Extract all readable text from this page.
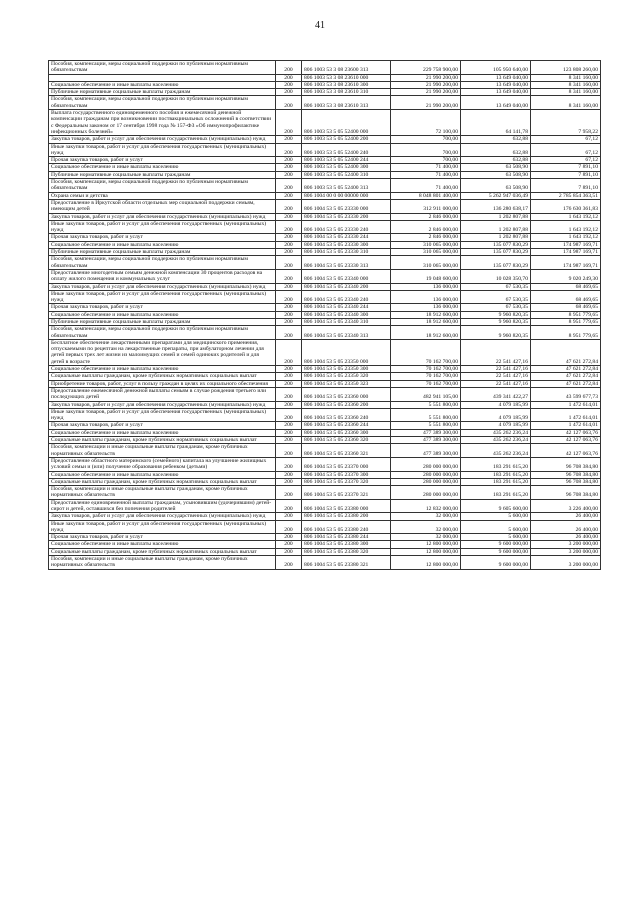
41
Пособия, компенсации, меры социальной поддержки по публичным нормативным обязательствам	200	806 1003 53 3 08 23600 313	229 758 900,00	105 950 640,00	123 808 260,00
	200	806 1003 53 3 08 23610 000	21 990 200,00	13 649 040,00	8 341 160,00
Социальное обеспечение и иные выплаты населению	200	806 1003 53 3 08 23610 300	21 990 200,00	13 649 040,00	8 341 160,00
Публичные нормативные социальные выплаты гражданам	200	806 1003 53 3 08 23610 310	21 990 200,00	13 649 040,00	8 341 160,00
Пособия, компенсации, меры социальной поддержки по публичным нормативным обязательствам	200	806 1003 53 3 08 23610 313	21 990 200,00	13 649 040,00	8 341 160,00
Выплата государственного единовременного пособия и ежемесячной денежной компенсации гражданам при возникновении поствакцинальных осложнений в соответствии с Федеральным законом от 17 сентября 1998 года № 157-ФЗ «Об иммунопрофилактике инфекционных болезней»	200	806 1003 53 5 05 52400 000	72 100,00	64 141,78	7 958,22
Закупка товаров, работ и услуг для обеспечения государственных (муниципальных) нужд	200	806 1003 53 5 05 52400 200	700,00	632,88	67,12
Иные закупки товаров, работ и услуг для обеспечения государственных (муниципальных) нужд	200	806 1003 53 5 05 52400 240	700,00	632,88	67,12
Прочая закупка товаров, работ и услуг	200	806 1003 53 5 05 52400 244	700,00	632,88	67,12
Социальное обеспечение и иные выплаты населению	200	806 1003 53 5 05 52400 300	71 400,00	63 508,90	7 891,10
Публичные нормативные социальные выплаты гражданам	200	806 1003 53 5 05 52400 310	71 400,00	63 508,90	7 891,10
Пособия, компенсации, меры социальной поддержки по публичным нормативным обязательствам	200	806 1003 53 5 05 52400 313	71 400,00	63 508,90	7 891,10
Охрана семьи и детства	200	806 1004 00 0 00 00000 000	8 048 801 400,00	5 262 947 036,49	2 785 854 363,51
Предоставление в Иркутской области отдельных мер социальной поддержки семьям, имеющим детей	200	806 1004 53 5 05 23330 000	312 911 000,00	136 280 638,17	176 630 361,83
Закупка товаров, работ и услуг для обеспечения государственных (муниципальных) нужд	200	806 1004 53 5 05 23330 200	2 846 000,00	1 202 807,88	1 643 192,12
Иные закупки товаров, работ и услуг для обеспечения государственных (муниципальных) нужд	200	806 1004 53 5 05 23330 240	2 846 000,00	1 202 807,88	1 643 192,12
Прочая закупка товаров, работ и услуг	200	806 1004 53 5 05 23330 244	2 846 000,00	1 202 807,88	1 643 192,12
Социальное обеспечение и иные выплаты населению	200	806 1004 53 5 05 23330 300	310 065 000,00	135 077 830,29	174 987 169,71
Публичные нормативные социальные выплаты гражданам	200	806 1004 53 5 05 23330 310	310 065 000,00	135 077 830,29	174 987 169,71
Пособия, компенсации, меры социальной поддержки по публичным нормативным обязательствам	200	806 1004 53 5 05 23330 313	310 065 000,00	135 077 830,29	174 987 169,71
Предоставление многодетным семьям денежной компенсации 30 процентов расходов на оплату жилого помещения и коммунальных услуг	200	806 1004 53 5 05 23340 000	19 048 600,00	10 028 350,70	9 020 249,30
Закупка товаров, работ и услуг для обеспечения государственных (муниципальных) нужд	200	806 1004 53 5 05 23340 200	136 000,00	67 530,35	68 469,65
Иные закупки товаров, работ и услуг для обеспечения государственных (муниципальных) нужд	200	806 1004 53 5 05 23340 240	136 000,00	67 530,35	68 469,65
Прочая закупка товаров, работ и услуг	200	806 1004 53 5 05 23340 244	136 000,00	67 530,35	68 469,65
Социальное обеспечение и иные выплаты населению	200	806 1004 53 5 05 23340 300	18 912 600,00	9 960 820,35	8 951 779,65
Публичные нормативные социальные выплаты гражданам	200	806 1004 53 5 05 23340 310	18 912 600,00	9 960 820,35	8 951 779,65
Пособия, компенсации, меры социальной поддержки по публичным нормативным обязательствам	200	806 1004 53 5 05 23340 313	18 912 600,00	9 960 820,35	8 951 779,65
Бесплатное обеспечение лекарственными препаратами для медицинского применения, отпускаемыми по рецептам на лекарственные препараты, при амбулаторном лечении для детей первых трех лет жизни из малоимущих семей и семей одиноких родителей и для детей в возрасте	200	806 1004 53 5 05 23350 000	70 162 700,00	22 541 427,16	47 621 272,84
Социальное обеспечение и иные выплаты населению	200	806 1004 53 5 05 23350 300	70 162 700,00	22 541 427,16	47 621 272,84
Социальные выплаты гражданам, кроме публичных нормативных социальных выплат	200	806 1004 53 5 05 23350 320	70 162 700,00	22 541 427,16	47 621 272,84
Приобретение товаров, работ, услуг в пользу граждан в целях их социального обеспечения	200	806 1004 53 5 05 23350 323	70 162 700,00	22 541 427,16	47 621 272,84
Предоставление ежемесячной денежной выплаты семьям в случае рождения третьего или последующих детей	200	806 1004 53 5 05 23360 000	482 941 105,00	439 341 422,27	43 599 677,73
Закупка товаров, работ и услуг для обеспечения государственных (муниципальных) нужд	200	806 1004 53 5 05 23360 200	5 551 800,00	4 079 185,99	1 472 614,01
Иные закупки товаров, работ и услуг для обеспечения государственных (муниципальных) нужд	200	806 1004 53 5 05 23360 240	5 551 800,00	4 079 185,99	1 472 614,01
Прочая закупка товаров, работ и услуг	200	806 1004 53 5 05 23360 244	5 551 800,00	4 079 185,99	1 472 614,01
Социальное обеспечение и иные выплаты населению	200	806 1004 53 5 05 23360 300	477 389 300,00	435 262 236,24	42 127 063,76
Социальные выплаты гражданам, кроме публичных нормативных социальных выплат	200	806 1004 53 5 05 23360 320	477 389 300,00	435 262 236,24	42 127 063,76
Пособия, компенсации и иные социальные выплаты гражданам, кроме публичных нормативных обязательств	200	806 1004 53 5 05 23360 321	477 389 300,00	435 262 236,24	42 127 063,76
Предоставление областного материнского (семейного) капитала на улучшение жилищных условий семьи и (или) получение образования ребенком (детьми)	200	806 1004 53 5 05 23370 000	280 000 000,00	183 291 615,20	96 708 384,80
Социальное обеспечение и иные выплаты населению	200	806 1004 53 5 05 23370 300	280 000 000,00	183 291 615,20	96 708 384,80
Социальные выплаты гражданам, кроме публичных нормативных социальных выплат	200	806 1004 53 5 05 23370 320	280 000 000,00	183 291 615,20	96 708 384,80
Пособия, компенсации и иные социальные выплаты гражданам, кроме публичных нормативных обязательств	200	806 1004 53 5 05 23370 321	280 000 000,00	183 291 615,20	96 708 384,80
Предоставление единовременной выплаты гражданам, усыновившим (удочерившим) детей-сирот и детей, оставшихся без попечения родителей	200	806 1004 53 5 05 23380 000	12 832 000,00	9 605 600,00	3 226 400,00
Закупка товаров, работ и услуг для обеспечения государственных (муниципальных) нужд	200	806 1004 53 5 05 23380 200	32 000,00	5 600,00	26 400,00
Иные закупки товаров, работ и услуг для обеспечения государственных (муниципальных) нужд	200	806 1004 53 5 05 23380 240	32 000,00	5 600,00	26 400,00
Прочая закупка товаров, работ и услуг	200	806 1004 53 5 05 23380 244	32 000,00	5 600,00	26 400,00
Социальное обеспечение и иные выплаты населению	200	806 1004 53 5 05 23380 300	12 800 000,00	9 600 000,00	3 200 000,00
Социальные выплаты гражданам, кроме публичных нормативных социальных выплат	200	806 1004 53 5 05 23380 320	12 800 000,00	9 600 000,00	3 200 000,00
Пособия, компенсации и иные социальные выплаты гражданам, кроме публичных нормативных обязательств	200	806 1004 53 5 05 23380 321	12 800 000,00	9 600 000,00	3 200 000,00
